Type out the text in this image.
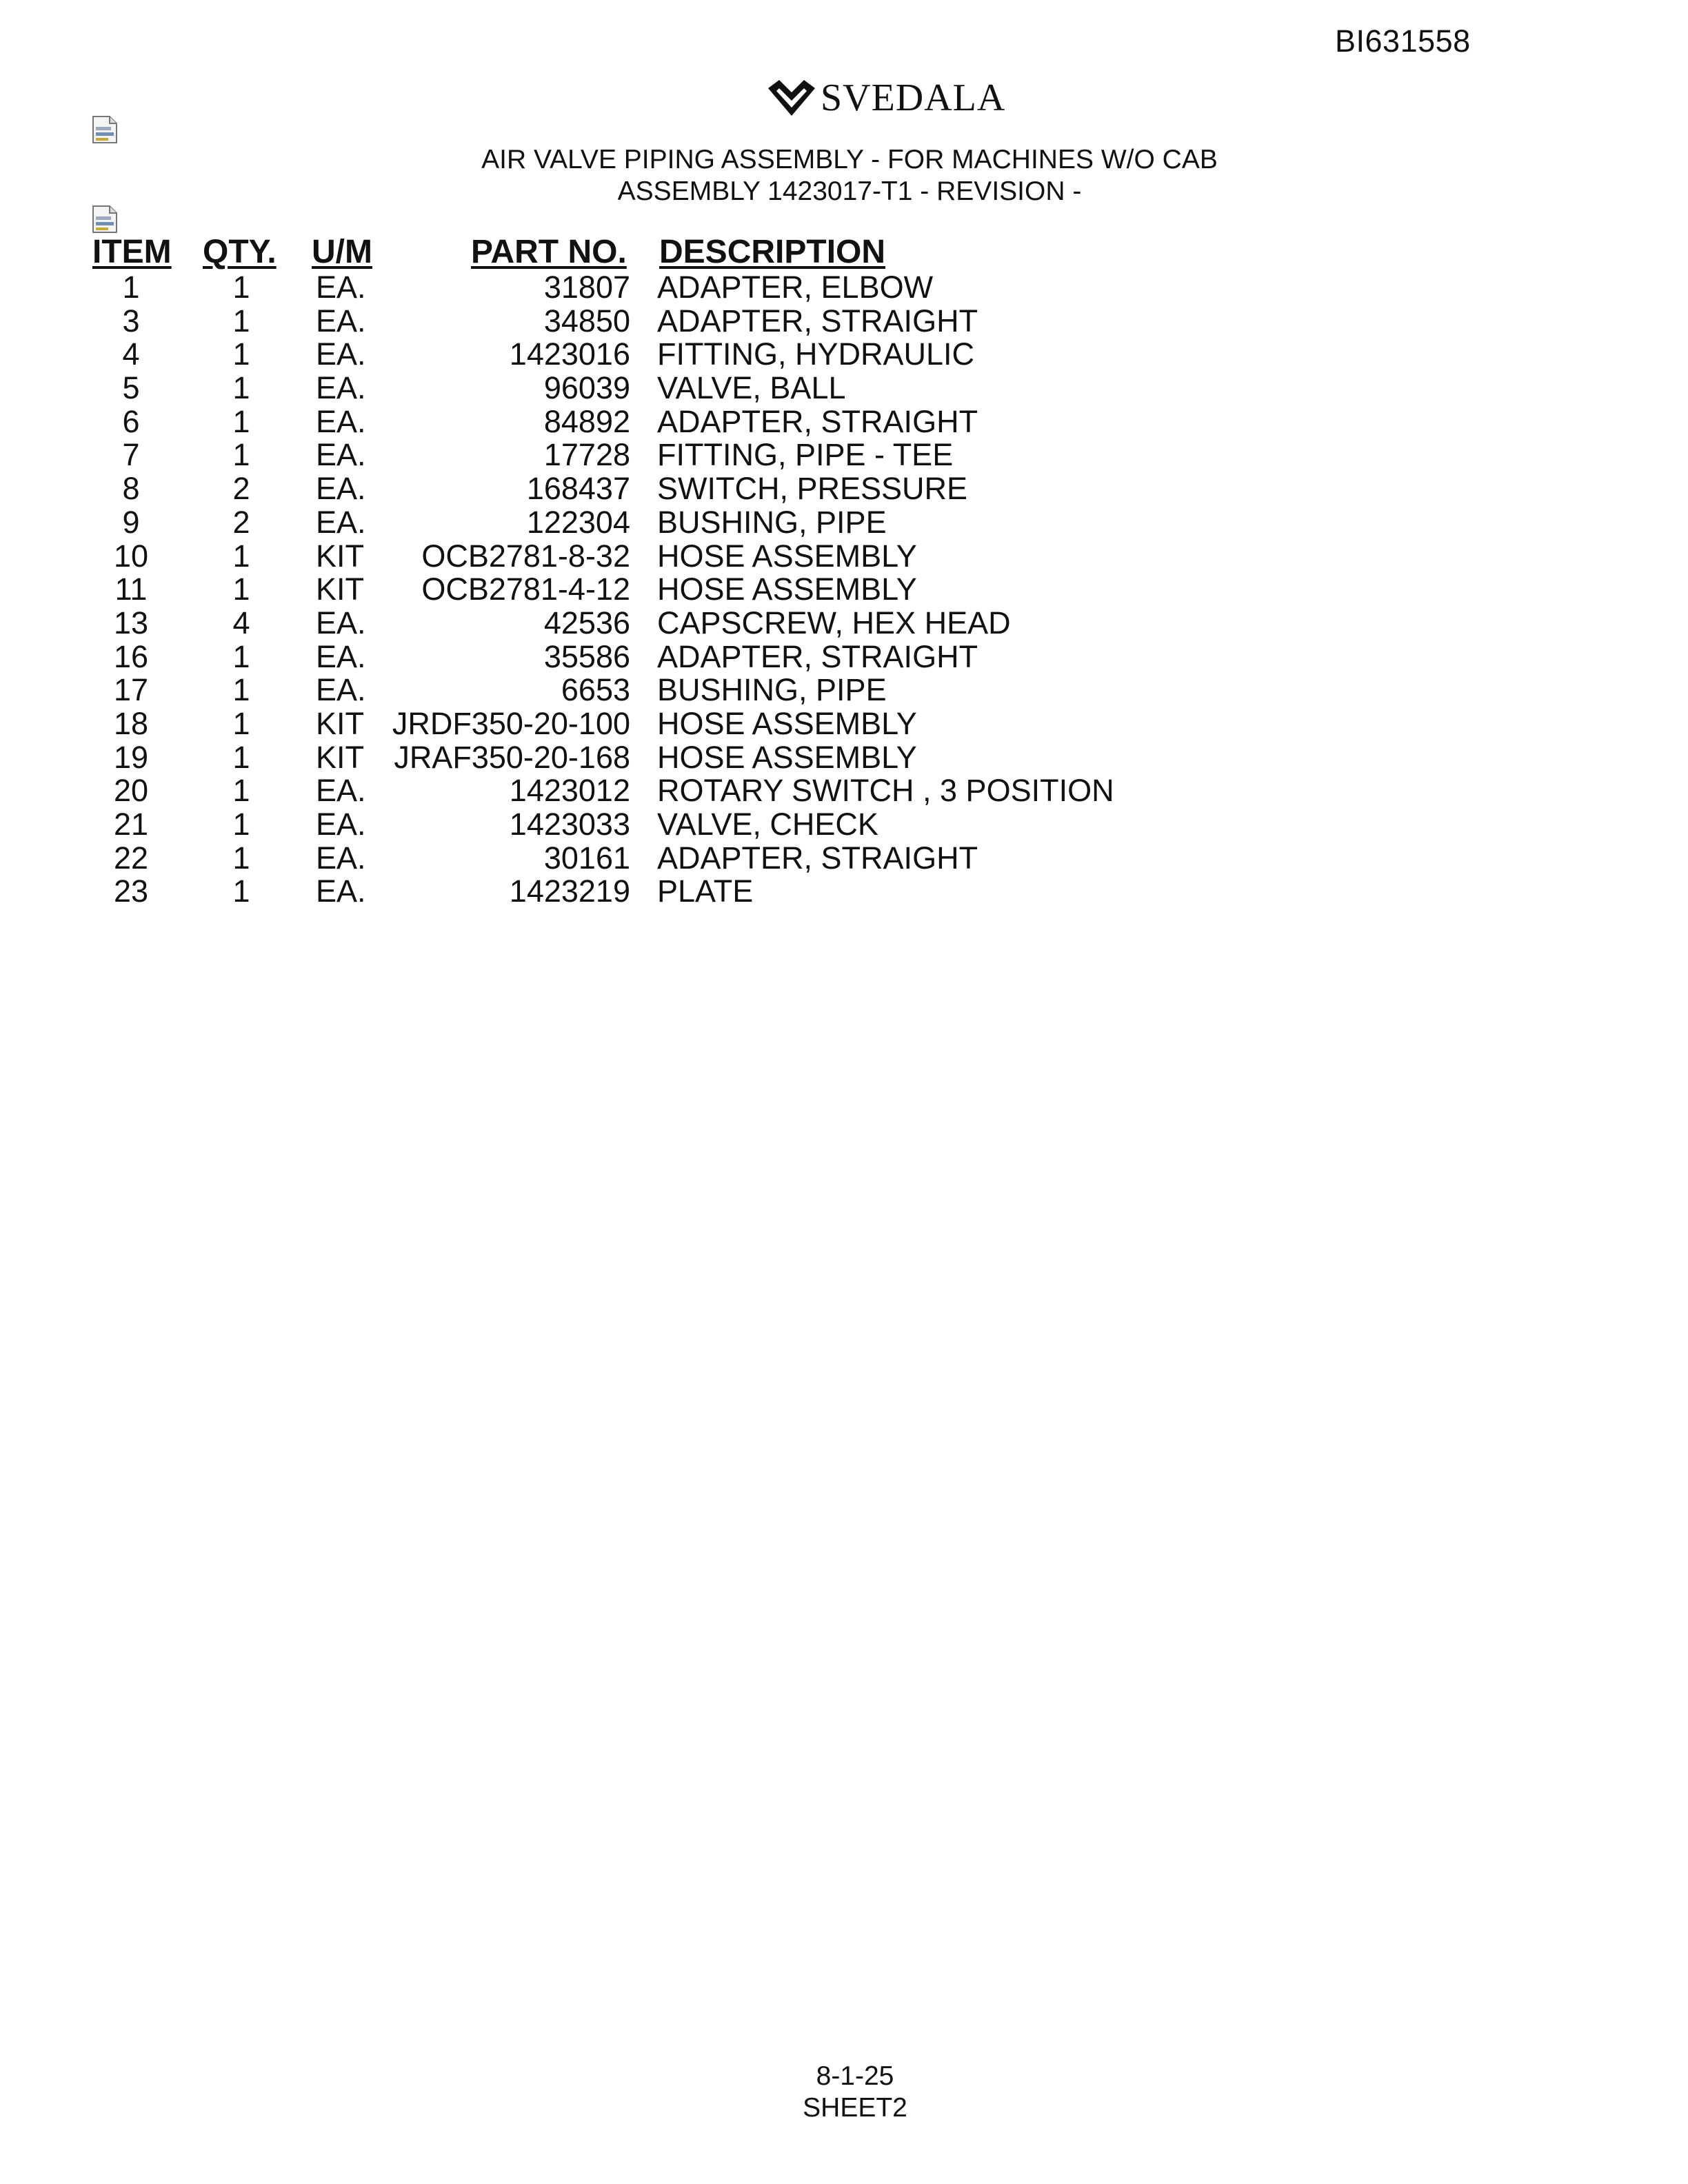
BI631558
SVEDALA
AIR VALVE PIPING ASSEMBLY - FOR MACHINES W/O CAB
ASSEMBLY 1423017-T1 - REVISION -
ITEM QTY. U/M	PART NO. DESCRIPTION
1	1	EA.	31807 ADAPTER, ELBOW
3	1	EA.	34850 ADAPTER, STRAIGHT
4	1	EA.	1423016 FITTING, HYDRAULIC
5	1	EA.	96039 VALVE, BALL
6	1	EA.	84892 ADAPTER, STRAIGHT
7	1	EA.	17728 FITTING, PIPE - TEE
8	2	EA.	168437 SWITCH, PRESSURE
9	2	EA.	122304 BUSHING, PIPE
10	1	KIT	OCB2781-8-32 HOSE ASSEMBLY
11	1	KIT	OCB2781-4-12 HOSE ASSEMBLY
13	4	EA.	42536 CAPSCREW, HEX HEAD
16	1	EA.	35586 ADAPTER, STRAIGHT
17	1	EA.	6653 BUSHING, PIPE
18	1	KIT JRDF350-20-100 HOSE ASSEMBLY
19	1	KIT JRAF350-20-168 HOSE ASSEMBLY
20	1	EA.	1423012 ROTARY SWITCH , 3 POSITION
21	1	EA.	1423033 VALVE, CHECK
22	1	EA.	30161 ADAPTER, STRAIGHT
23	1	EA.	1423219 PLATE
8-1-25
SHEET2
